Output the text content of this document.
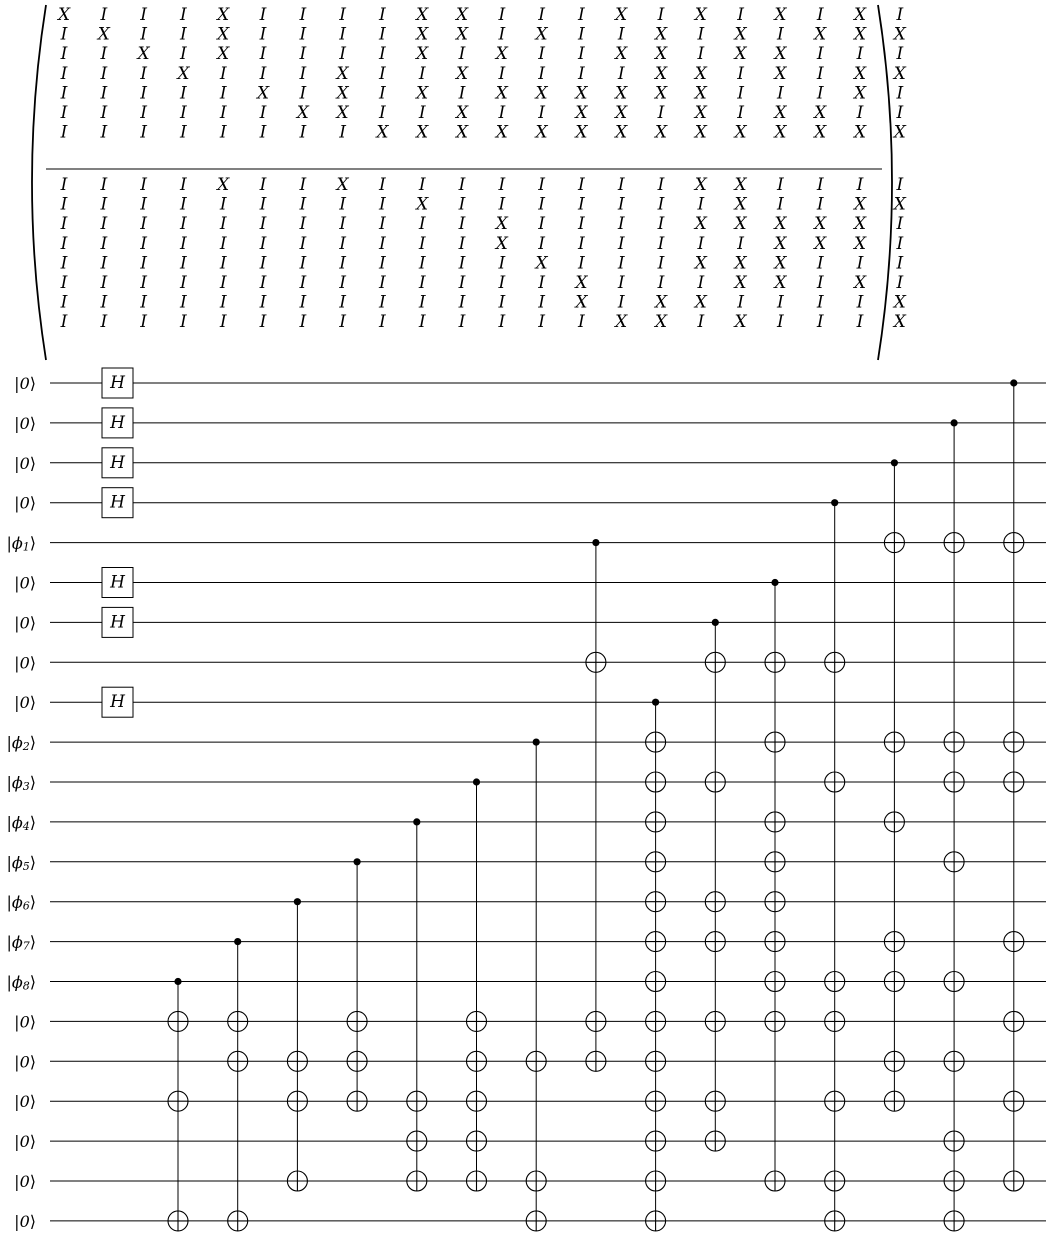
X I I I X I I I I X X I I I X I X I X I X I
I X I I X I I I I X X I X I I X I X I X X X
I I X I X I I I I X I X I I X X I X X I I I
I I I X I I I X I I X I I I I X X I X I X X
I I I I I X I X I X I X X X X X X I I I X I
I I I I I I X X I I X I I X X I X I X X I I
I I I I I I I I X X X X X X X X X X X X X X
I I I I X I I X I I I I I I I I X X I I I I
I I I I I I I I I X I I I I I I I X I I X X
I I I I I I I I I I I X I I I I X X X X X I
I I I I I I I I I I I X I I I I I I X X X I
I I I I I I I I I I I I X I I I X X X I I I
I I I I I I I I I I I I I X I I I X X I X I
I I I I I I I I I I I I I X I X X I I I I X
I I I I I I I I I I I I I I X X I X I I I X
|0⟩
|0⟩
|0⟩
|0⟩
$|\phi_1⟩$
|0⟩
|0⟩
|0⟩
|0⟩
$|\phi_2⟩$
$|\phi_3⟩$
$|\phi_4⟩$
$|\phi_5⟩$
$|\phi_6⟩$
$|\phi_7⟩$
$|\phi_8⟩$
|0⟩
|0⟩
|0⟩
|0⟩
|0⟩
|0⟩
H
H
H
H
H
H
H
